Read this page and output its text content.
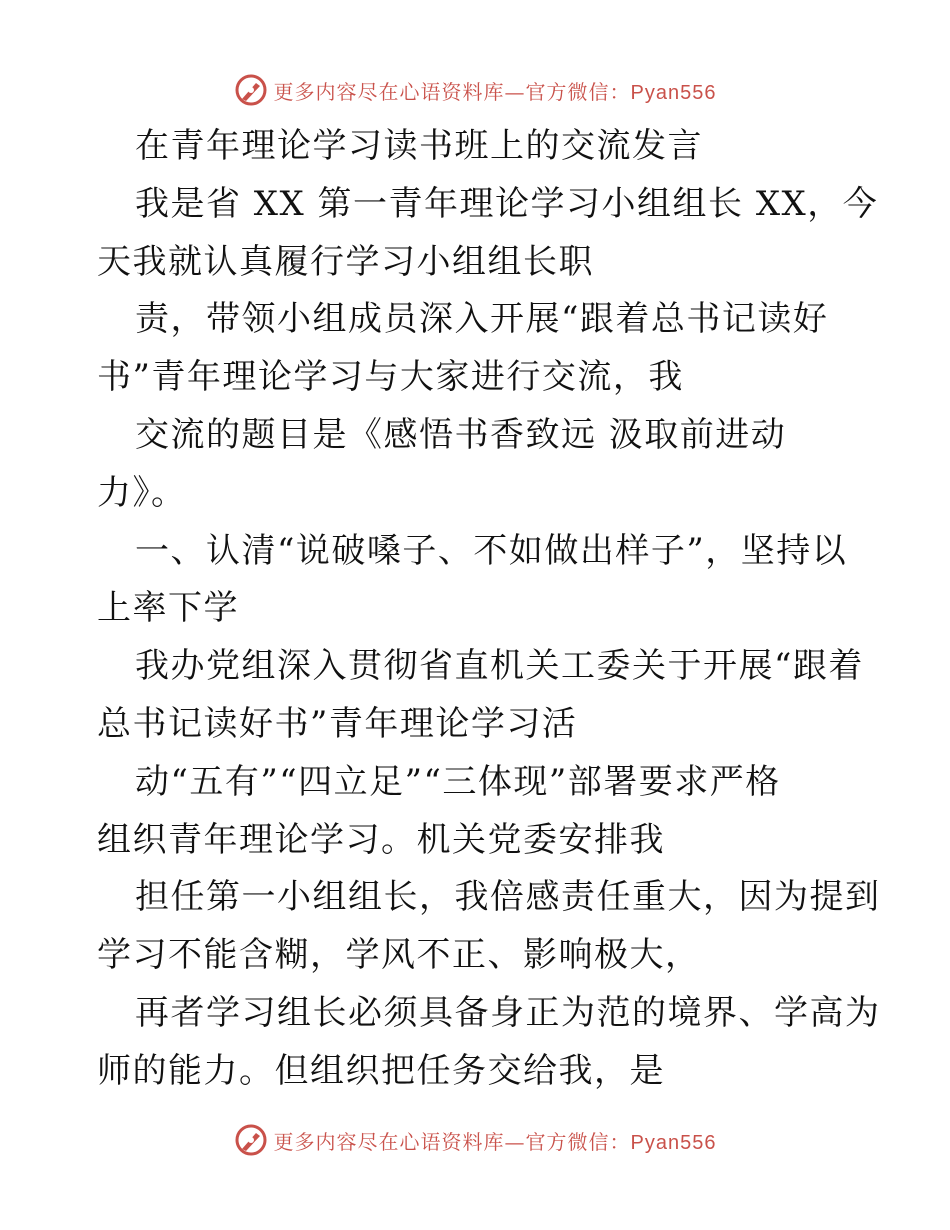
更多内容尽在心语资料库—官方微信：Pyan556
在青年理论学习读书班上的交流发言
我是省 XX 第一青年理论学习小组组长 XX，今
天我就认真履行学习小组组长职
责，带领小组成员深入开展“跟着总书记读好
书”青年理论学习与大家进行交流，我
交流的题目是《感悟书香致远 汲取前进动
力》。
一、认清“说破嗓子、不如做出样子”，坚持以
上率下学
我办党组深入贯彻省直机关工委关于开展“跟着
总书记读好书”青年理论学习活
动“五有”“四立足”“三体现”部署要求严格
组织青年理论学习。机关党委安排我
担任第一小组组长，我倍感责任重大，因为提到
学习不能含糊，学风不正、影响极大，
再者学习组长必须具备身正为范的境界、学高为
师的能力。但组织把任务交给我，是
更多内容尽在心语资料库—官方微信：Pyan556
